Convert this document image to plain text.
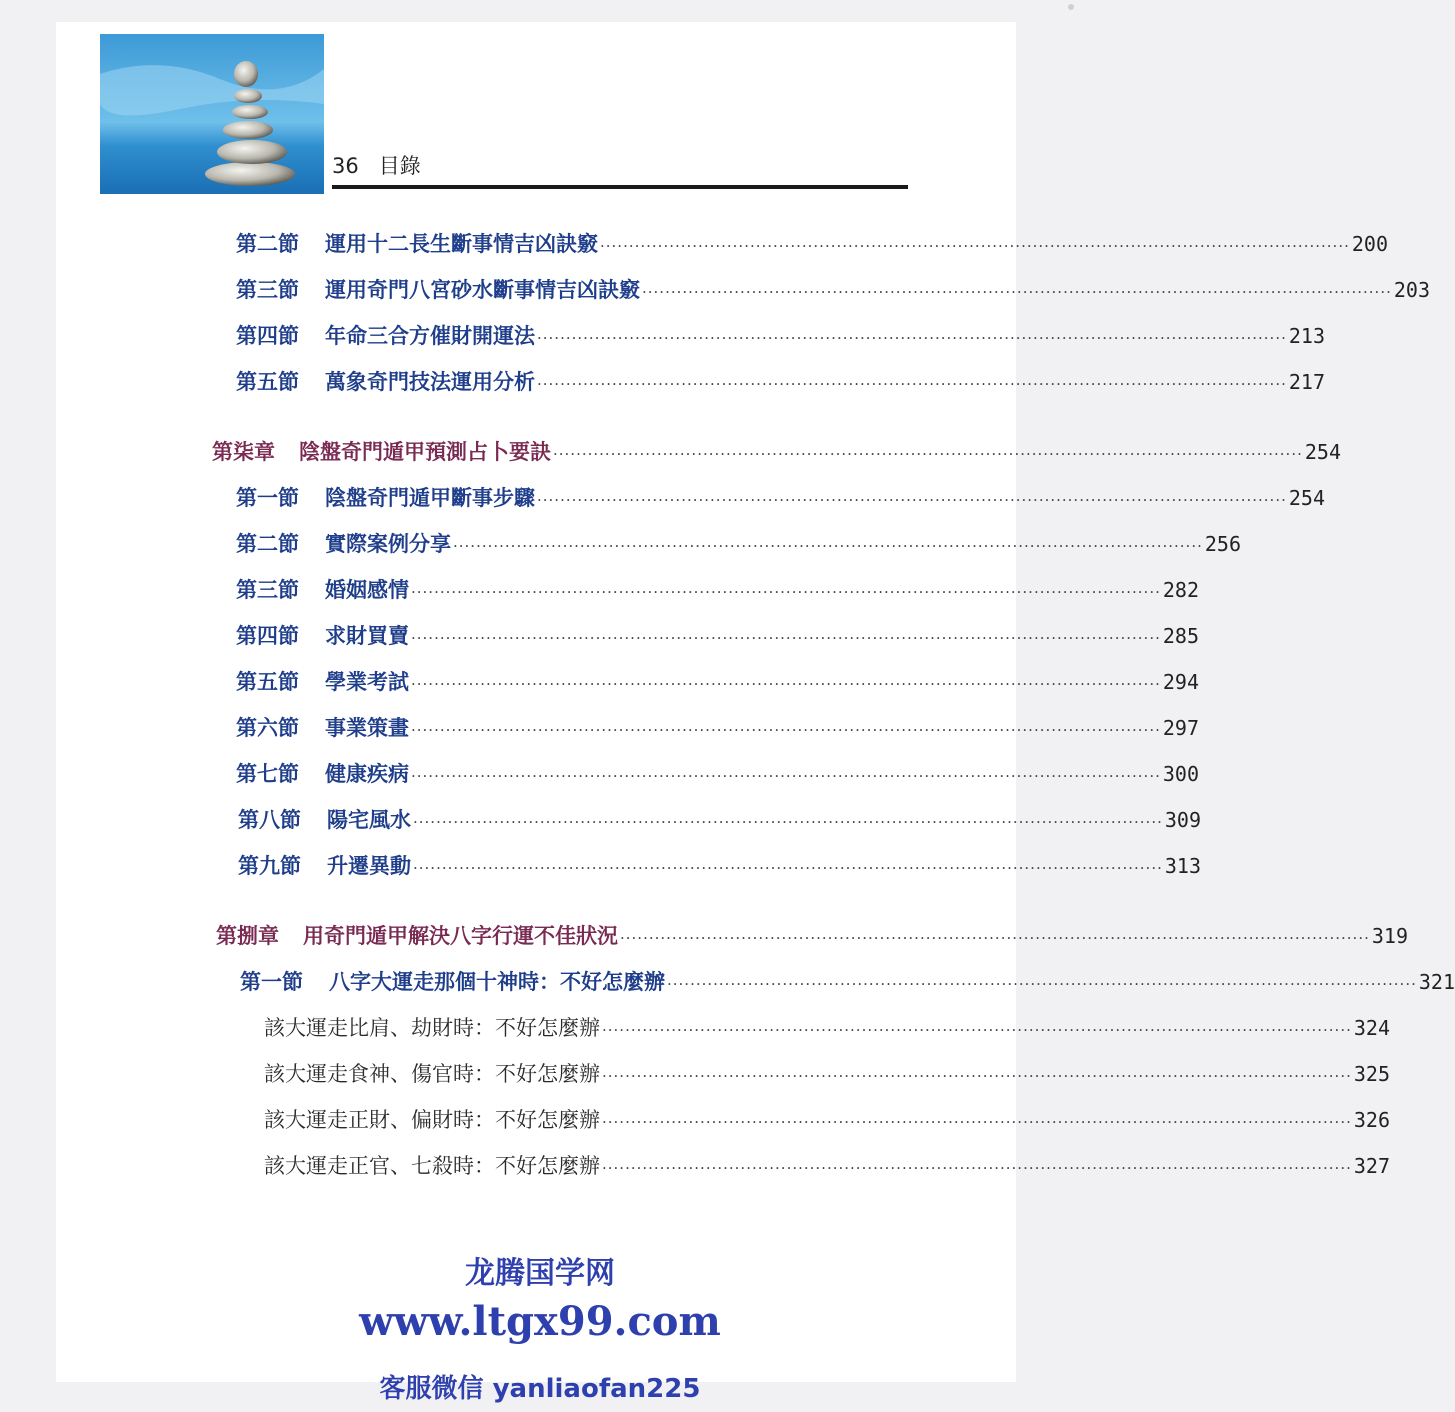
36 目錄
第二節 運用十二長生斷事情吉凶訣竅 ·································································································································· 200
第三節 運用奇門八宮砂水斷事情吉凶訣竅 ·································································································································· 203
第四節 年命三合方催財開運法 ·································································································································· 213
第五節 萬象奇門技法運用分析 ·································································································································· 217
第柒章 陰盤奇門遁甲預測占卜要訣 ·································································································································· 254
第一節 陰盤奇門遁甲斷事步驟 ·································································································································· 254
第二節 實際案例分享 ·································································································································· 256
第三節 婚姻感情 ·································································································································· 282
第四節 求財買賣 ·································································································································· 285
第五節 學業考試 ·································································································································· 294
第六節 事業策畫 ·································································································································· 297
第七節 健康疾病 ·································································································································· 300
第八節 陽宅風水 ·································································································································· 309
第九節 升遷異動 ·································································································································· 313
第捌章 用奇門遁甲解決八字行運不佳狀況 ·································································································································· 319
第一節 八字大運走那個十神時：不好怎麼辦 ·································································································································· 321
該大運走比肩、劫財時：不好怎麼辦 ·································································································································· 324
該大運走食神、傷官時：不好怎麼辦 ·································································································································· 325
該大運走正財、偏財時：不好怎麼辦 ·································································································································· 326
該大運走正官、七殺時：不好怎麼辦 ·································································································································· 327
龙腾国学网
www.ltgx99.com
客服微信 yanliaofan225
